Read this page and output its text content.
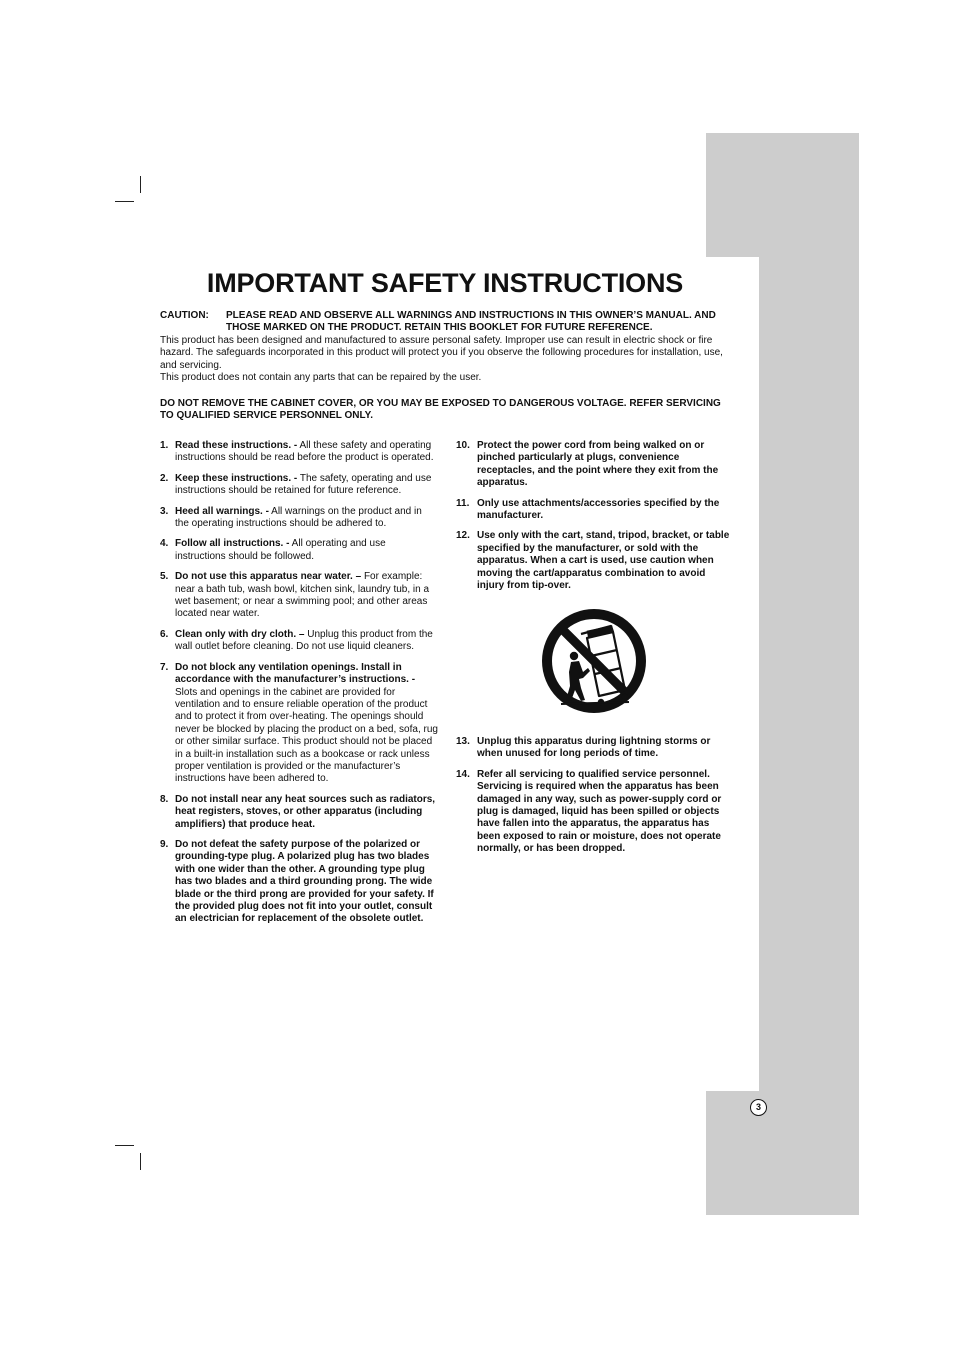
IMPORTANT SAFETY INSTRUCTIONS
CAUTION:	PLEASE READ AND OBSERVE ALL WARNINGS AND INSTRUCTIONS IN THIS OWNER’S MANUAL. AND THOSE MARKED ON THE PRODUCT. RETAIN THIS BOOKLET FOR FUTURE REFERENCE.

This product has been designed and manufactured to assure personal safety. Improper use can result in electric shock or fire hazard. The safeguards incorporated in this product will protect you if you observe the following procedures for installation, use, and servicing.

This product does not contain any parts that can be repaired by the user.

DO NOT REMOVE THE CABINET COVER, OR YOU MAY BE EXPOSED TO DANGEROUS VOLTAGE. REFER SERVICING TO QUALIFIED SERVICE PERSONNEL ONLY.

1. Read these instructions. - All these safety and operating instructions should be read before the product is operated.
2. Keep these instructions. - The safety, operating and use instructions should be retained for future reference.
3. Heed all warnings. - All warnings on the product and in the operating instructions should be adhered to.
4. Follow all instructions. - All operating and use instructions should be followed.
5. Do not use this apparatus near water. – For example: near a bath tub, wash bowl, kitchen sink, laundry tub, in a wet basement; or near a swimming pool; and other areas located near water.
6. Clean only with dry cloth. – Unplug this product from the wall outlet before cleaning. Do not use liquid cleaners.
7. Do not block any ventilation openings. Install in accordance with the manufacturer’s instructions. - Slots and openings in the cabinet are provided for ventilation and to ensure reliable operation of the product and to protect it from over-heating. The openings should never be blocked by placing the product on a bed, sofa, rug or other similar surface. This product should not be placed in a built-in installation such as a bookcase or rack unless proper ventilation is provided or the manufacturer’s instructions have been adhered to.
8. Do not install near any heat sources such as radiators, heat registers, stoves, or other apparatus (including amplifiers) that produce heat.
9. Do not defeat the safety purpose of the polarized or grounding-type plug. A polarized plug has two blades with one wider than the other. A grounding type plug has two blades and a third grounding prong. The wide blade or the third prong are provided for your safety. If the provided plug does not fit into your outlet, consult an electrician for replacement of the obsolete outlet.
10. Protect the power cord from being walked on or pinched particularly at plugs, convenience receptacles, and the point where they exit from the apparatus.
11. Only use attachments/accessories specified by the manufacturer.
12. Use only with the cart, stand, tripod, bracket, or table specified by the manufacturer, or sold with the apparatus. When a cart is used, use caution when moving the cart/apparatus combination to avoid injury from tip-over.
13. Unplug this apparatus during lightning storms or when unused for long periods of time.
14. Refer all servicing to qualified service personnel. Servicing is required when the apparatus has been damaged in any way, such as power-supply cord or plug is damaged, liquid has been spilled or objects have fallen into the apparatus, the apparatus has been exposed to rain or moisture, does not operate normally, or has been dropped.
3
